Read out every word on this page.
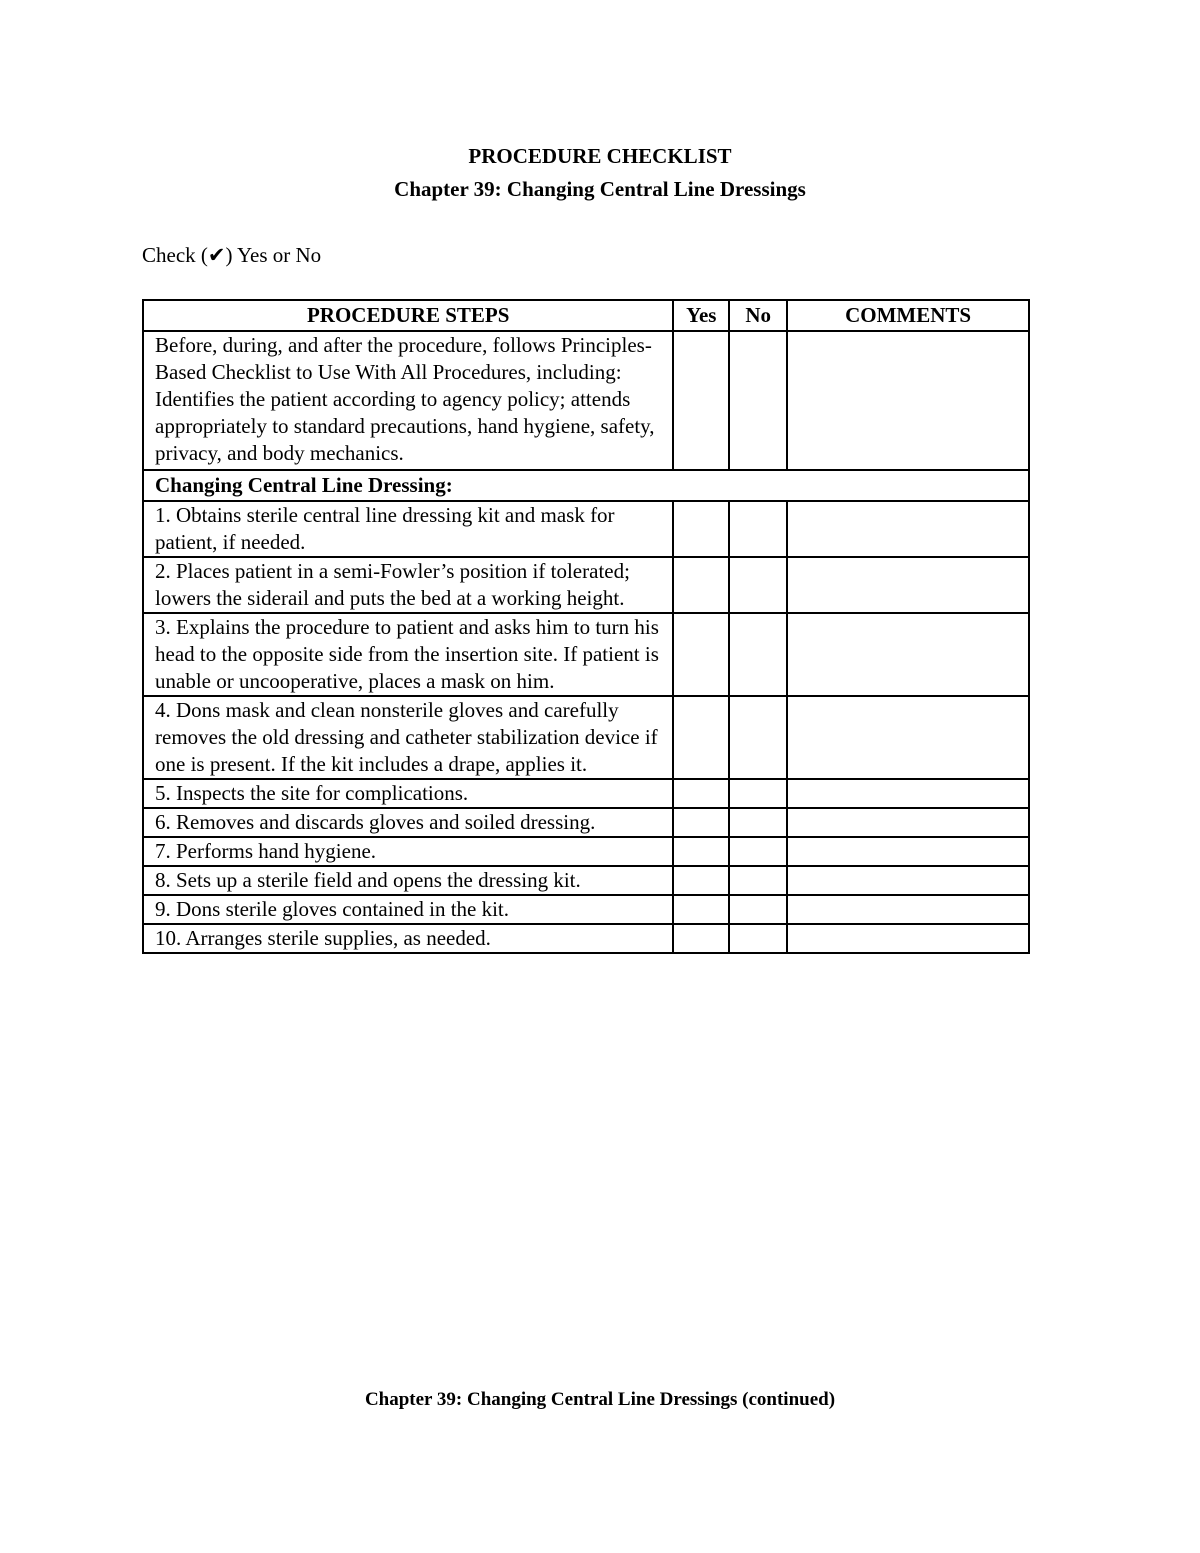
PROCEDURE CHECKLIST
Chapter 39: Changing Central Line Dressings
Check (✔) Yes or No
PROCEDURE STEPS	Yes	No	COMMENTS
Before, during, and after the procedure, follows Principles-Based Checklist to Use With All Procedures, including: Identifies the patient according to agency policy; attends appropriately to standard precautions, hand hygiene, safety, privacy, and body mechanics.			
Changing Central Line Dressing:			
1. Obtains sterile central line dressing kit and mask for patient, if needed.			
2. Places patient in a semi-Fowler’s position if tolerated; lowers the siderail and puts the bed at a working height.			
3. Explains the procedure to patient and asks him to turn his head to the opposite side from the insertion site. If patient is unable or uncooperative, places a mask on him.			
4. Dons mask and clean nonsterile gloves and carefully removes the old dressing and catheter stabilization device if one is present. If the kit includes a drape, applies it.			
5. Inspects the site for complications.			
6. Removes and discards gloves and soiled dressing.			
7. Performs hand hygiene.			
8. Sets up a sterile field and opens the dressing kit.			
9. Dons sterile gloves contained in the kit.			
10. Arranges sterile supplies, as needed.			
Chapter 39: Changing Central Line Dressings (continued)
